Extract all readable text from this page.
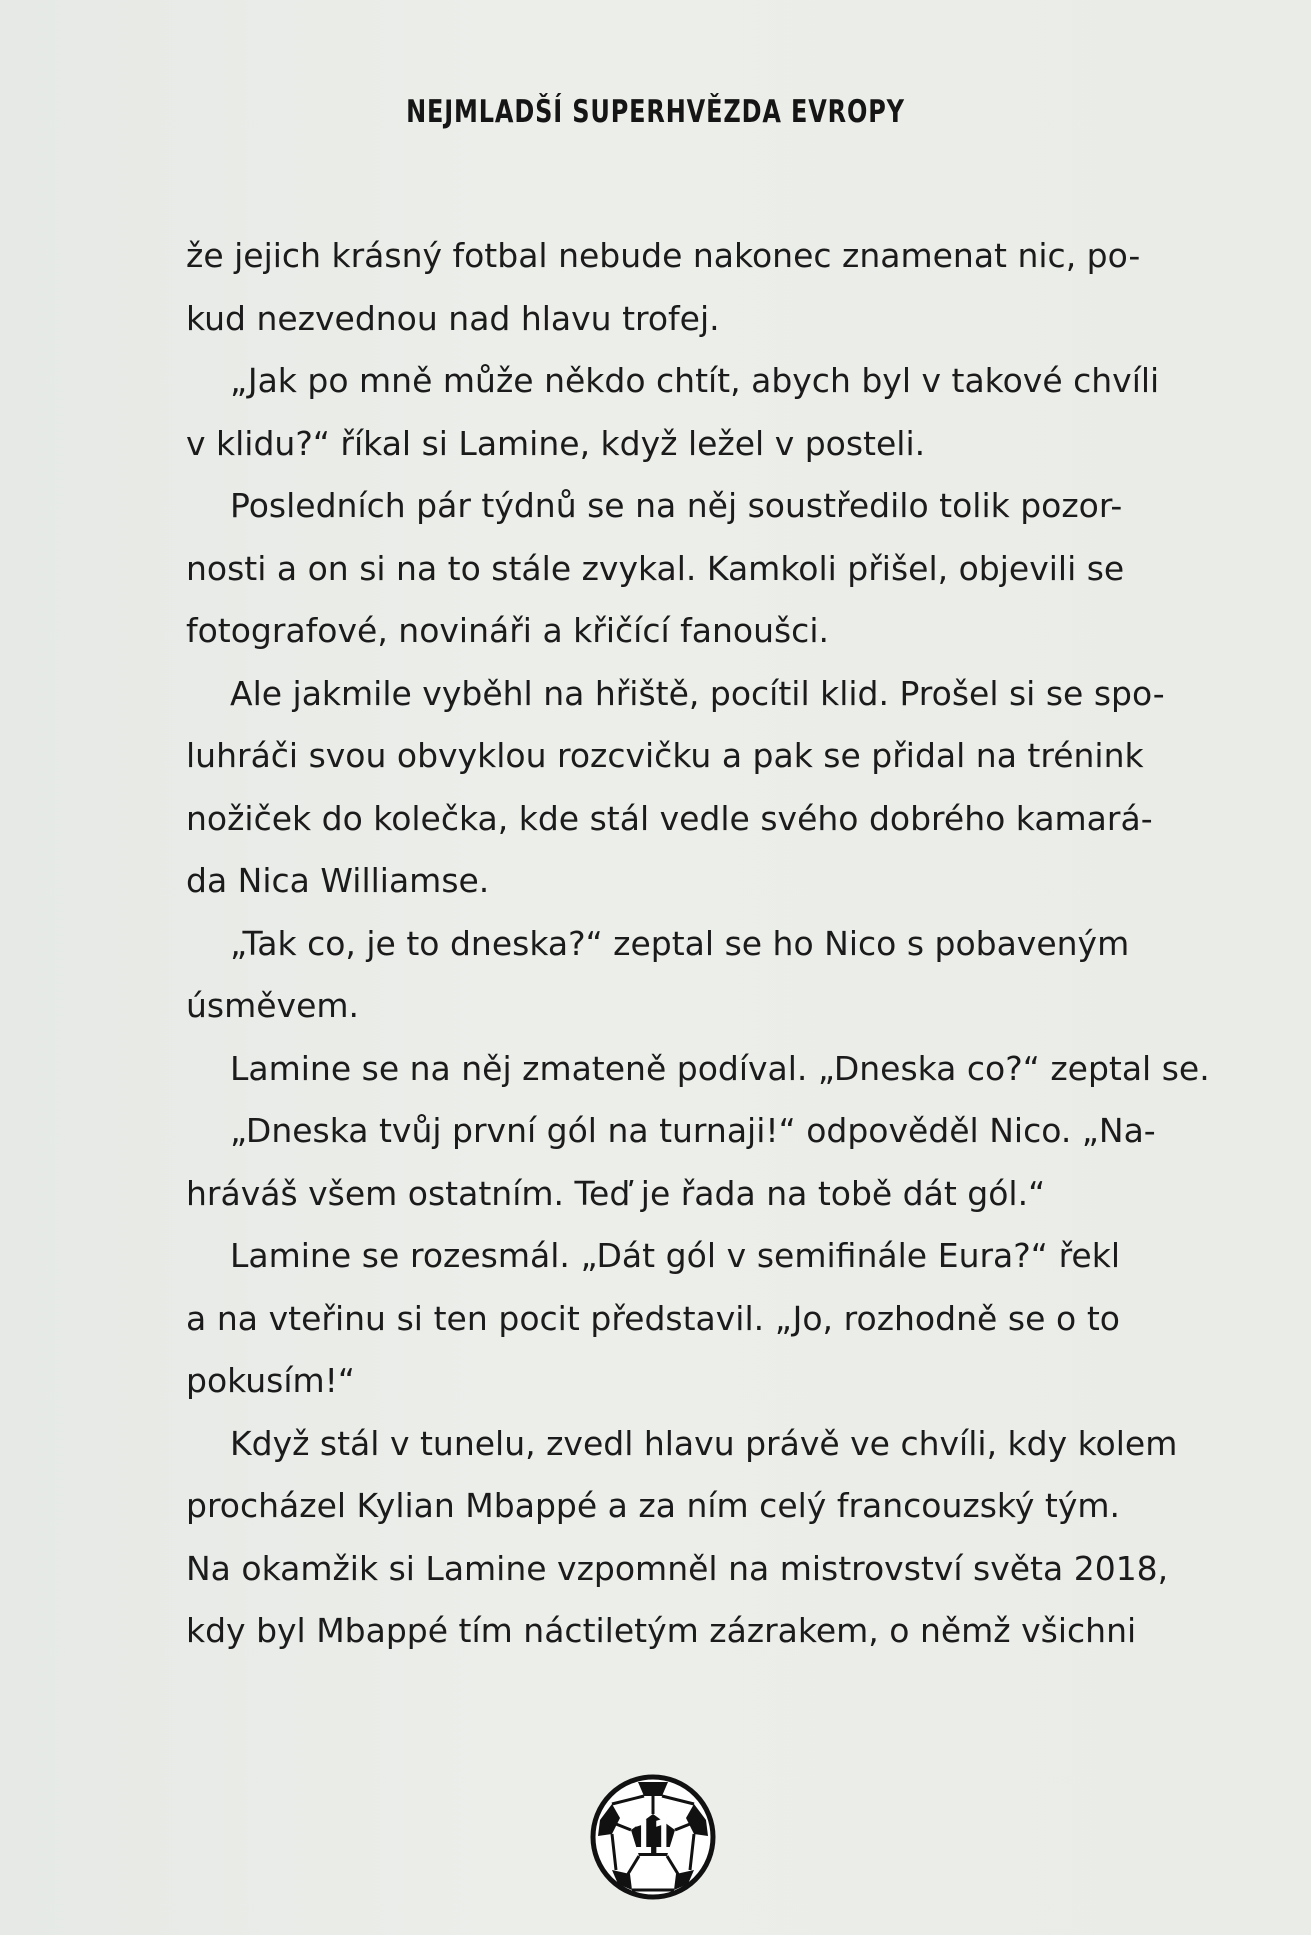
NEJMLADŠÍ SUPERHVĚZDA EVROPY
že jejich krásný fotbal nebude nakonec znamenat nic, po-
kud nezvednou nad hlavu trofej.
„Jak po mně může někdo chtít, abych byl v takové chvíli
v klidu?“ říkal si Lamine, když ležel v posteli.
Posledních pár týdnů se na něj soustředilo tolik pozor-
nosti a on si na to stále zvykal. Kamkoli přišel, objevili se
fotografové, novináři a křičící fanoušci.
Ale jakmile vyběhl na hřiště, pocítil klid. Prošel si se spo-
luhráči svou obvyklou rozcvičku a pak se přidal na trénink
nožiček do kolečka, kde stál vedle svého dobrého kamará-
da Nica Williamse.
„Tak co, je to dneska?“ zeptal se ho Nico s pobaveným
úsměvem.
Lamine se na něj zmateně podíval. „Dneska co?“ zeptal se.
„Dneska tvůj první gól na turnaji!“ odpověděl Nico. „Na-
hráváš všem ostatním. Teď je řada na tobě dát gól.“
Lamine se rozesmál. „Dát gól v semifinále Eura?“ řekl
a na vteřinu si ten pocit představil. „Jo, rozhodně se o to
pokusím!“
Když stál v tunelu, zvedl hlavu právě ve chvíli, kdy kolem
procházel Kylian Mbappé a za ním celý francouzský tým.
Na okamžik si Lamine vzpomněl na mistrovství světa 2018,
kdy byl Mbappé tím náctiletým zázrakem, o němž všichni
11
